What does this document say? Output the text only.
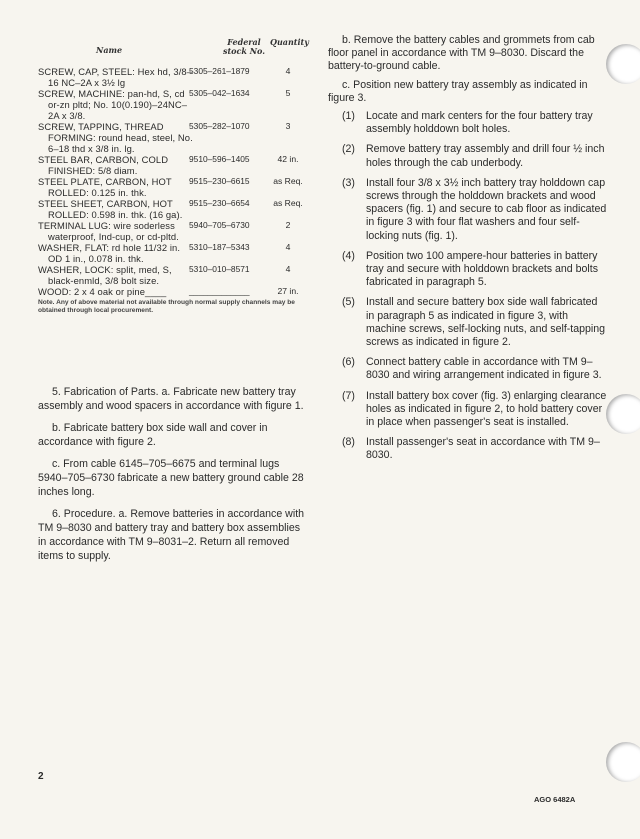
Name
Federal stock No.
Quantity
SCREW, CAP, STEEL: Hex hd, 3/8–16 NC–2A x 3½ lg
5305–261–1879	4
SCREW, MACHINE: pan-hd, S, cd or-zn pltd; No. 10(0.190)–24NC–2A x 3/8.
5305–042–1634	5
SCREW, TAPPING, THREAD FORMING: round head, steel, No. 6–18 thd x 3/8 in. lg.
5305–282–1070	3
STEEL BAR, CARBON, COLD FINISHED: 5/8 diam.
9510–596–1405	42 in.
STEEL PLATE, CARBON, HOT ROLLED: 0.125 in. thk.
9515–230–6615	as Req.
STEEL SHEET, CARBON, HOT ROLLED: 0.598 in. thk. (16 ga).
9515–230–6654	as Req.
TERMINAL LUG: wire soderless waterproof, Ind-cup, or cd-pltd.
5940–705–6730	2
WASHER, FLAT: rd hole 11/32 in. OD 1 in., 0.078 in. thk.
5310–187–5343	4
WASHER, LOCK: split, med, S, black-enmld, 3/8 bolt size.
5310–010–8571	4
WOOD: 2 x 4 oak or pine____	_____________	27 in.
Note. Any of above material not available through normal supply channels may be obtained through local procurement.

5. Fabrication of Parts. a. Fabricate new battery tray assembly and wood spacers in accordance with figure 1.

b. Fabricate battery box side wall and cover in accordance with figure 2.

c. From cable 6145–705–6675 and terminal lugs 5940–705–6730 fabricate a new battery ground cable 28 inches long.

6. Procedure. a. Remove batteries in accordance with TM 9–8030 and battery tray and battery box assemblies in accordance with TM 9–8031–2. Return all removed items to supply.

b. Remove the battery cables and grommets from cab floor panel in accordance with TM 9–8030. Discard the battery-to-ground cable.

c. Position new battery tray assembly as indicated in figure 3.

(1) Locate and mark centers for the four battery tray assembly holddown bolt holes.
(2) Remove battery tray assembly and drill four ½ inch holes through the cab underbody.
(3) Install four 3/8 x 3½ inch battery tray holddown cap screws through the holddown brackets and wood spacers (fig. 1) and secure to cab floor as indicated in figure 3 with four flat washers and four self-locking nuts (fig. 1).
(4) Position two 100 ampere-hour batteries in battery tray and secure with holddown brackets and bolts fabricated in paragraph 5.
(5) Install and secure battery box side wall fabricated in paragraph 5 as indicated in figure 3, with machine screws, self-locking nuts, and self-tapping screws as indicated in figure 2.
(6) Connect battery cable in accordance with TM 9–8030 and wiring arrangement indicated in figure 3.
(7) Install battery box cover (fig. 3) enlarging clearance holes as indicated in figure 2, to hold battery cover in place when passenger's seat is installed.
(8) Install passenger's seat in accordance with TM 9–8030.
2
AGO 6482A
